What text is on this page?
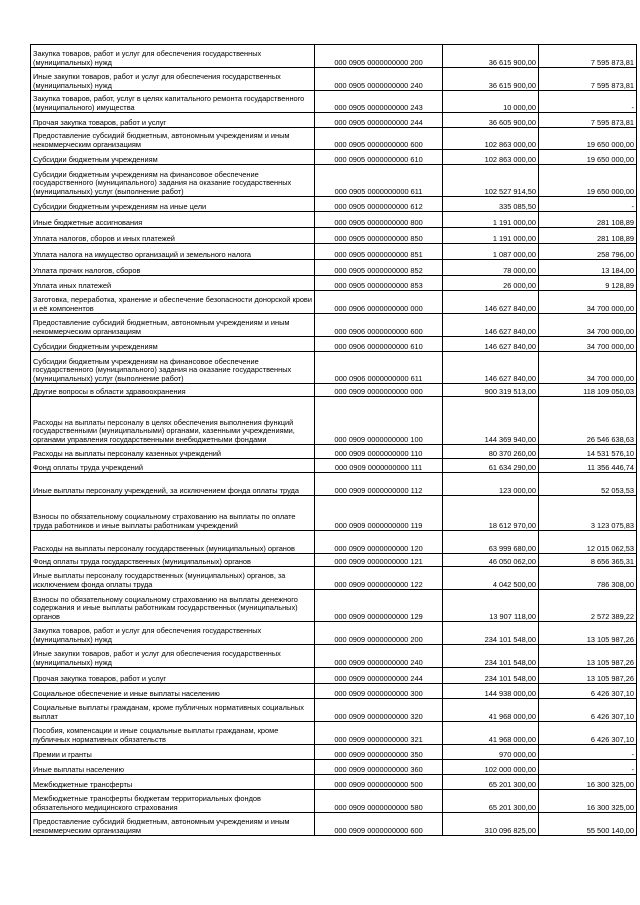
Закупка товаров, работ и услуг для обеспечения государственных (муниципальных) нужд	000 0905 0000000000 200	36 615 900,00	7 595 873,81

Иные закупки товаров, работ и услуг для обеспечения государственных (муниципальных) нужд	000 0905 0000000000 240	36 615 900,00	7 595 873,81

Закупка товаров, работ, услуг в целях капитального ремонта государственного (муниципального) имущества	000 0905 0000000000 243	10 000,00	-

Прочая закупка товаров, работ и услуг	000 0905 0000000000 244	36 605 900,00	7 595 873,81

Предоставление субсидий бюджетным, автономным учреждениям и иным некоммерческим организациям	000 0905 0000000000 600	102 863 000,00	19 650 000,00

Субсидии бюджетным учреждениям	000 0905 0000000000 610	102 863 000,00	19 650 000,00

Субсидии бюджетным учреждениям на финансовое обеспечение государственного (муниципального) задания на оказание государственных (муниципальных) услуг (выполнение работ)	000 0905 0000000000 611	102 527 914,50	19 650 000,00

Субсидии бюджетным учреждениям на иные цели	000 0905 0000000000 612	335 085,50	-

Иные бюджетные ассигнования	000 0905 0000000000 800	1 191 000,00	281 108,89

Уплата налогов, сборов и иных платежей	000 0905 0000000000 850	1 191 000,00	281 108,89

Уплата налога на имущество организаций и земельного налога	000 0905 0000000000 851	1 087 000,00	258 796,00

Уплата прочих налогов, сборов	000 0905 0000000000 852	78 000,00	13 184,00

Уплата иных платежей	000 0905 0000000000 853	26 000,00	9 128,89

Заготовка, переработка, хранение и обеспечение безопасности донорской крови и её компонентов	000 0906 0000000000 000	146 627 840,00	34 700 000,00

Предоставление субсидий бюджетным, автономным учреждениям и иным некоммерческим организациям	000 0906 0000000000 600	146 627 840,00	34 700 000,00

Субсидии бюджетным учреждениям	000 0906 0000000000 610	146 627 840,00	34 700 000,00

Субсидии бюджетным учреждениям на финансовое обеспечение государственного (муниципального) задания на оказание государственных (муниципальных) услуг (выполнение работ)	000 0906 0000000000 611	146 627 840,00	34 700 000,00

Другие вопросы в области здравоохранения	000 0909 0000000000 000	900 319 513,00	118 109 050,03

Расходы на выплаты персоналу в целях обеспечения выполнения функций государственными (муниципальными) органами, казенными учреждениями, органами управления государственными внебюджетными фондами	000 0909 0000000000 100	144 369 940,00	26 546 638,63

Расходы на выплаты персоналу казенных учреждений	000 0909 0000000000 110	80 370 260,00	14 531 576,10

Фонд оплаты труда учреждений	000 0909 0000000000 111	61 634 290,00	11 356 446,74

Иные выплаты персоналу учреждений, за исключением фонда оплаты труда	000 0909 0000000000 112	123 000,00	52 053,53

Взносы по обязательному социальному страхованию на выплаты по оплате труда работников и иные выплаты работникам учреждений	000 0909 0000000000 119	18 612 970,00	3 123 075,83

Расходы на выплаты персоналу государственных (муниципальных) органов	000 0909 0000000000 120	63 999 680,00	12 015 062,53

Фонд оплаты труда государственных (муниципальных) органов	000 0909 0000000000 121	46 050 062,00	8 656 365,31

Иные выплаты персоналу государственных (муниципальных) органов, за исключением фонда оплаты труда	000 0909 0000000000 122	4 042 500,00	786 308,00

Взносы по обязательному социальному страхованию на выплаты денежного содержания и иные выплаты работникам государственных (муниципальных) органов	000 0909 0000000000 129	13 907 118,00	2 572 389,22

Закупка товаров, работ и услуг для обеспечения государственных (муниципальных) нужд	000 0909 0000000000 200	234 101 548,00	13 105 987,26

Иные закупки товаров, работ и услуг для обеспечения государственных (муниципальных) нужд	000 0909 0000000000 240	234 101 548,00	13 105 987,26

Прочая закупка товаров, работ и услуг	000 0909 0000000000 244	234 101 548,00	13 105 987,26

Социальное обеспечение и иные выплаты населению	000 0909 0000000000 300	144 938 000,00	6 426 307,10

Социальные выплаты гражданам, кроме публичных нормативных социальных выплат	000 0909 0000000000 320	41 968 000,00	6 426 307,10

Пособия, компенсации и иные социальные выплаты гражданам, кроме публичных нормативных обязательств	000 0909 0000000000 321	41 968 000,00	6 426 307,10

Премии и гранты	000 0909 0000000000 350	970 000,00	-

Иные выплаты населению	000 0909 0000000000 360	102 000 000,00	-

Межбюджетные трансферты	000 0909 0000000000 500	65 201 300,00	16 300 325,00

Межбюджетные трансферты бюджетам территориальных фондов обязательного медицинского страхования	000 0909 0000000000 580	65 201 300,00	16 300 325,00

Предоставление субсидий бюджетным, автономным учреждениям и иным некоммерческим организациям	000 0909 0000000000 600	310 096 825,00	55 500 140,00
